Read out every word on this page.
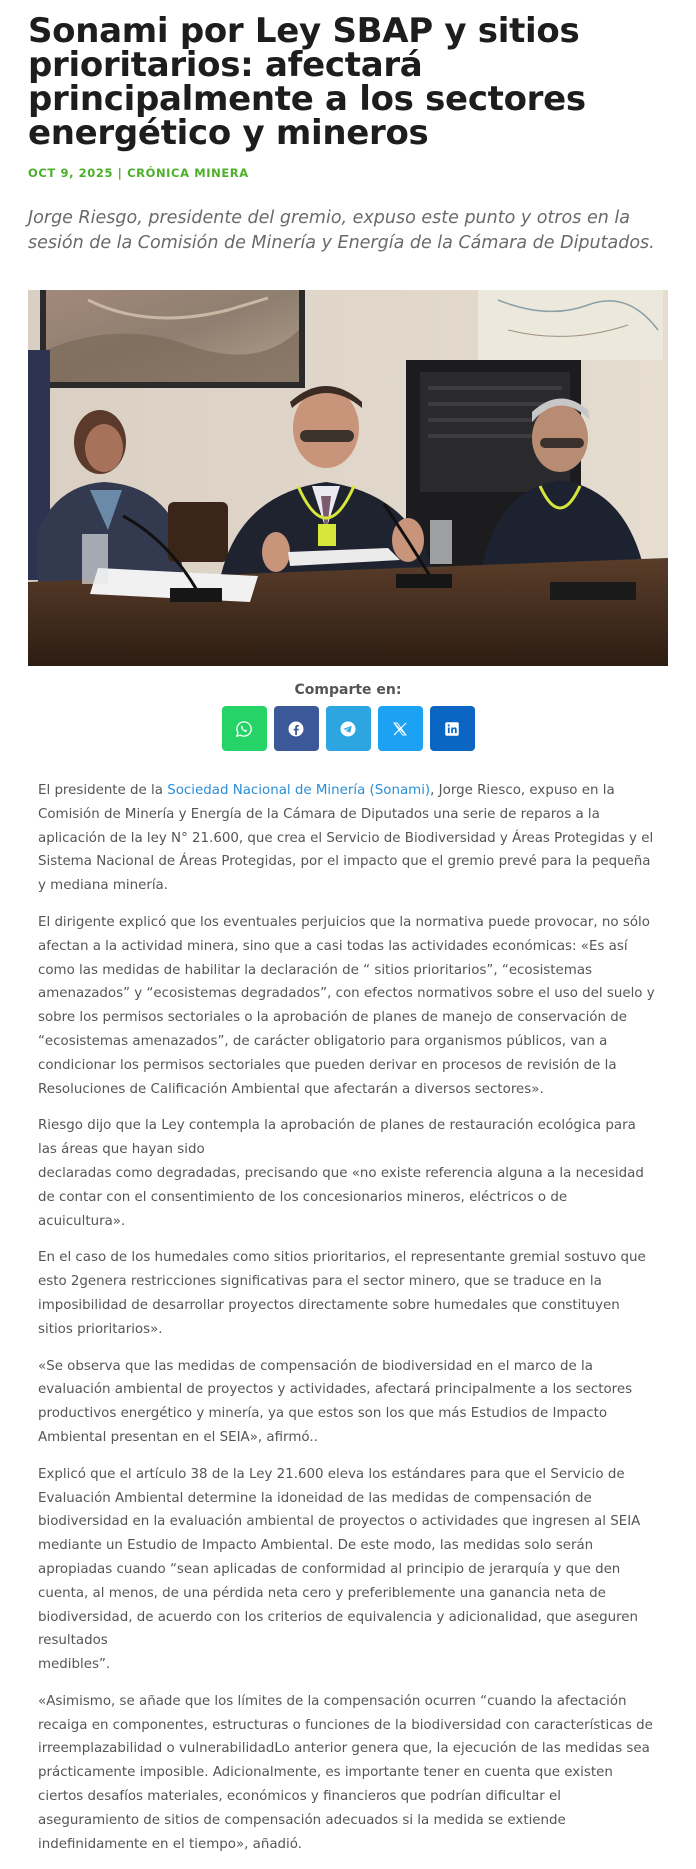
Sonami por Ley SBAP y sitios prioritarios: afectará principalmente a los sectores energético y mineros
OCT 9, 2025 | CRÓNICA MINERA

Jorge Riesgo, presidente del gremio, expuso este punto y otros en la sesión de la Comisión de Minería y Energía de la Cámara de Diputados.

Comparte en:

El presidente de la Sociedad Nacional de Minería (Sonami), Jorge Riesco, expuso en la Comisión de Minería y Energía de la Cámara de Diputados una serie de reparos a la aplicación de la ley N° 21.600, que crea el Servicio de Biodiversidad y Áreas Protegidas y el Sistema Nacional de Áreas Protegidas, por el impacto que el gremio prevé para la pequeña y mediana minería.

El dirigente explicó que los eventuales perjuicios que la normativa puede provocar, no sólo afectan a la actividad minera, sino que a casi todas las actividades económicas: «Es así como las medidas de habilitar la declaración de “ sitios prioritarios”, “ecosistemas amenazados” y “ecosistemas degradados”, con efectos normativos sobre el uso del suelo y sobre los permisos sectoriales o la aprobación de planes de manejo de conservación de “ecosistemas amenazados”, de carácter obligatorio para organismos públicos, van a condicionar los permisos sectoriales que pueden derivar en procesos de revisión de la Resoluciones de Calificación Ambiental que afectarán a diversos sectores».

Riesgo dijo que la Ley contempla la aprobación de planes de restauración ecológica para las áreas que hayan sido
declaradas como degradadas, precisando que «no existe referencia alguna a la necesidad de contar con el consentimiento de los concesionarios mineros, eléctricos o de acuicultura».

En el caso de los humedales como sitios prioritarios, el representante gremial sostuvo que esto 2genera restricciones significativas para el sector minero, que se traduce en la imposibilidad de desarrollar proyectos directamente sobre humedales que constituyen sitios prioritarios».

«Se observa que las medidas de compensación de biodiversidad en el marco de la evaluación ambiental de proyectos y actividades, afectará principalmente a los sectores productivos energético y minería, ya que estos son los que más Estudios de Impacto Ambiental presentan en el SEIA», afirmó..

Explicó que el artículo 38 de la Ley 21.600 eleva los estándares para que el Servicio de Evaluación Ambiental determine la idoneidad de las medidas de compensación de biodiversidad en la evaluación ambiental de proyectos o actividades que ingresen al SEIA mediante un Estudio de Impacto Ambiental. De este modo, las medidas solo serán apropiadas cuando “sean aplicadas de conformidad al principio de jerarquía y que den cuenta, al menos, de una pérdida neta cero y preferiblemente una ganancia neta de biodiversidad, de acuerdo con los criterios de equivalencia y adicionalidad, que aseguren resultados
medibles”.

«Asimismo, se añade que los límites de la compensación ocurren “cuando la afectación recaiga en componentes, estructuras o funciones de la biodiversidad con características de irreemplazabilidad o vulnerabilidadLo anterior genera que, la ejecución de las medidas sea prácticamente imposible. Adicionalmente, es importante tener en cuenta que existen ciertos desafíos materiales, económicos y financieros que podrían dificultar el aseguramiento de sitios de compensación adecuados si la medida se extiende indefinidamente en el tiempo», añadió.
